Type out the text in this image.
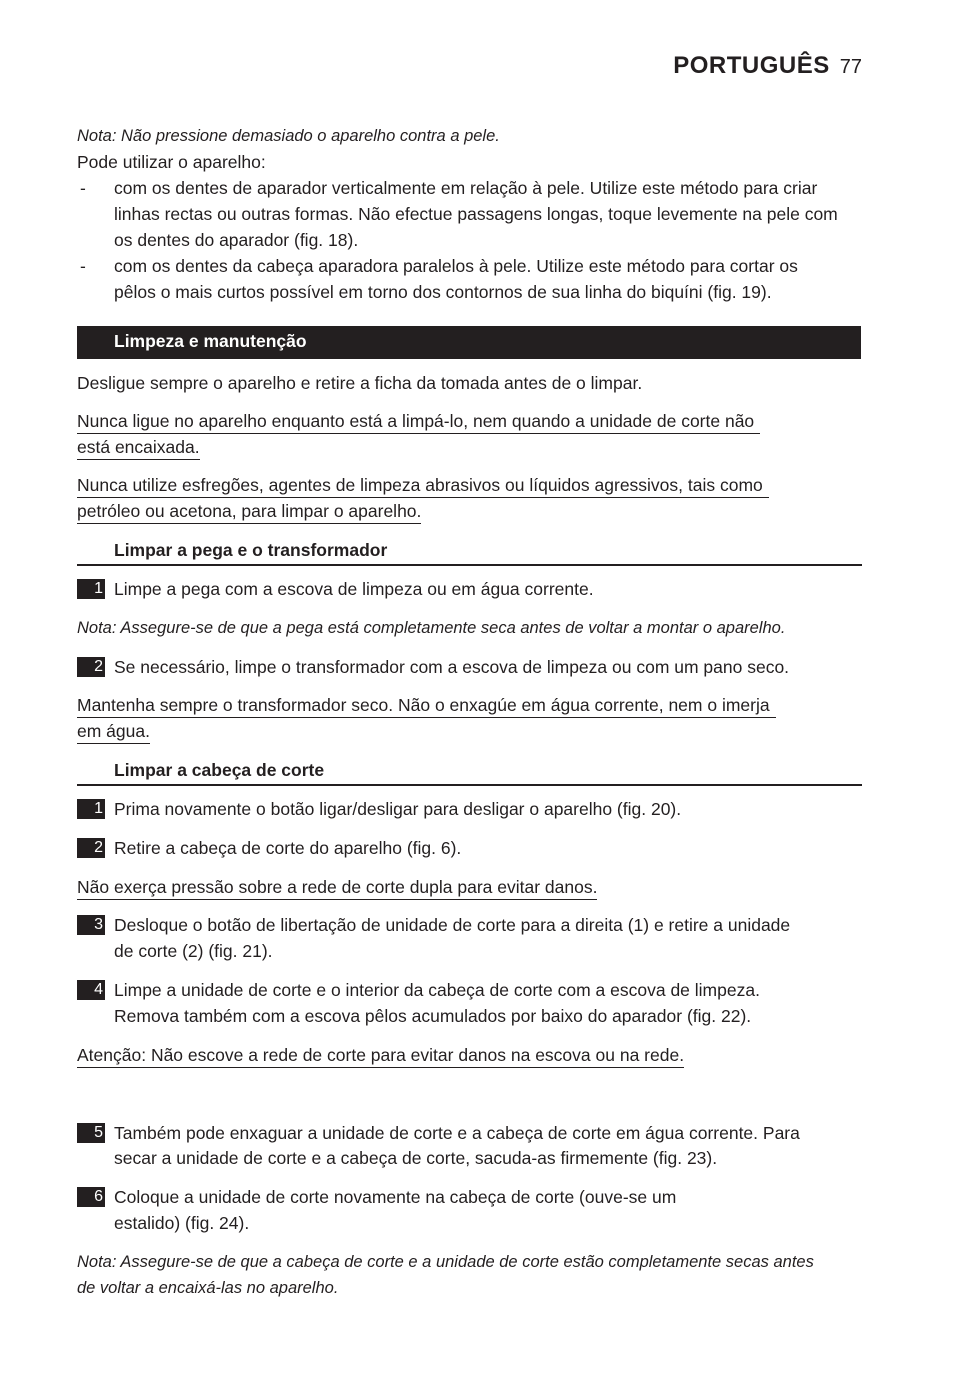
PORTUGUÊS 77
Nota: Não pressione demasiado o aparelho contra a pele.
Pode utilizar o aparelho:
- com os dentes de aparador verticalmente em relação à pele. Utilize este método para criar
linhas rectas ou outras formas. Não efectue passagens longas, toque levemente na pele com
os dentes do aparador (fig. 18).
- com os dentes da cabeça aparadora paralelos à pele. Utilize este método para cortar os
pêlos o mais curtos possível em torno dos contornos de sua linha do biquíni (fig. 19).
Limpeza e manutenção
Desligue sempre o aparelho e retire a ficha da tomada antes de o limpar.
Nunca ligue no aparelho enquanto está a limpá-lo, nem quando a unidade de corte não
está encaixada.
Nunca utilize esfregões, agentes de limpeza abrasivos ou líquidos agressivos, tais como
petróleo ou acetona, para limpar o aparelho.
Limpar a pega e o transformador
1 Limpe a pega com a escova de limpeza ou em água corrente.
Nota: Assegure-se de que a pega está completamente seca antes de voltar a montar o aparelho.
2 Se necessário, limpe o transformador com a escova de limpeza ou com um pano seco.
Mantenha sempre o transformador seco. Não o enxagúe em água corrente, nem o imerja
em água.
Limpar a cabeça de corte
1 Prima novamente o botão ligar/desligar para desligar o aparelho (fig. 20).
2 Retire a cabeça de corte do aparelho (fig. 6).
Não exerça pressão sobre a rede de corte dupla para evitar danos.
3 Desloque o botão de libertação de unidade de corte para a direita (1) e retire a unidade
de corte (2) (fig. 21).
4 Limpe a unidade de corte e o interior da cabeça de corte com a escova de limpeza.
Remova também com a escova pêlos acumulados por baixo do aparador (fig. 22).
Atenção: Não escove a rede de corte para evitar danos na escova ou na rede.
5 Também pode enxaguar a unidade de corte e a cabeça de corte em água corrente. Para
secar a unidade de corte e a cabeça de corte, sacuda-as firmemente (fig. 23).
6 Coloque a unidade de corte novamente na cabeça de corte (ouve-se um
estalido) (fig. 24).
Nota: Assegure-se de que a cabeça de corte e a unidade de corte estão completamente secas antes
de voltar a encaixá-las no aparelho.
